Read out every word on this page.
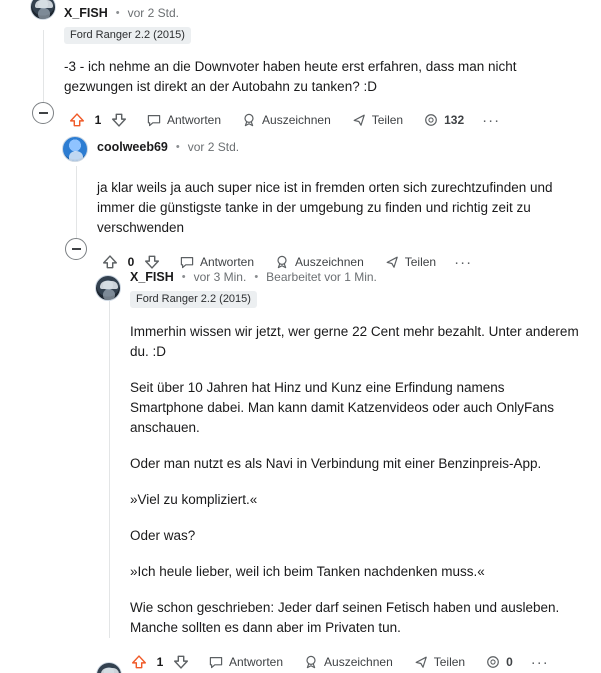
X_FISH • vor 2 Std.
Ford Ranger 2.2 (2015)

-3 - ich nehme an die Downvoter haben heute erst erfahren, dass man nicht gezwungen ist direkt an der Autobahn zu tanken? :D

1	Antworten	Auszeichnen	Teilen	132 ···
coolweeb69 • vor 2 Std.

ja klar weils ja auch super nice ist in fremden orten sich zurechtzufinden und immer die günstigste tanke in der umgebung zu finden und richtig zeit zu verschwenden

0	Antworten	Auszeichnen	Teilen ···
X_FISH • vor 3 Min. • Bearbeitet vor 1 Min.
Ford Ranger 2.2 (2015)

Immerhin wissen wir jetzt, wer gerne 22 Cent mehr bezahlt. Unter anderem du. :D

Seit über 10 Jahren hat Hinz und Kunz eine Erfindung namens Smartphone dabei. Man kann damit Katzenvideos oder auch OnlyFans anschauen.

Oder man nutzt es als Navi in Verbindung mit einer Benzinpreis-App.

»Viel zu kompliziert.«

Oder was?

»Ich heule lieber, weil ich beim Tanken nachdenken muss.«

Wie schon geschrieben: Jeder darf seinen Fetisch haben und ausleben. Manche sollten es dann aber im Privaten tun.

1	Antworten	Auszeichnen	Teilen	0 ···
